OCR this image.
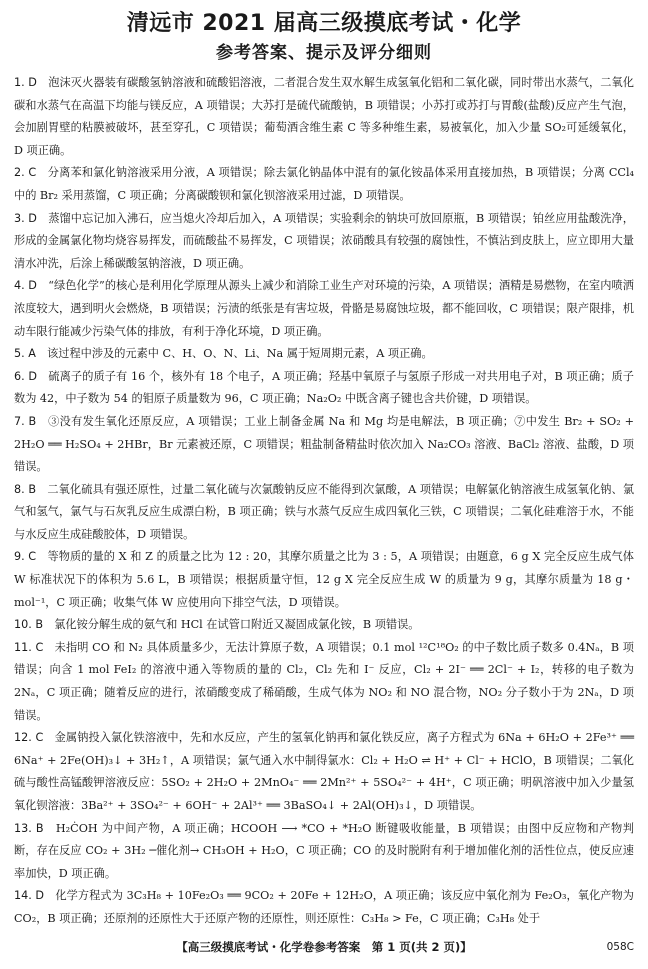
清远市 2021 届高三级摸底考试・化学
参考答案、提示及评分细则

1. D　 泡沫灭火器装有碳酸氢钠溶液和硫酸铝溶液，二者混合发生双水解生成氢氧化铝和二氧化碳，同时带出水蒸气，二氧化碳和水蒸气在高温下均能与镁反应，A 项错误；大苏打是硫代硫酸钠，B 项错误；小苏打或苏打与胃酸(盐酸)反应产生气泡，会加剧胃壁的粘膜被破坏，甚至穿孔，C 项错误；葡萄酒含维生素 C 等多种维生素，易被氧化，加入少量 SO₂可延缓氧化，D 项正确。

2. C　 分离苯和氯化钠溶液采用分液，A 项错误；除去氯化钠晶体中混有的氯化铵晶体采用直接加热，B 项错误；分离 CCl₄ 中的 Br₂ 采用蒸馏，C 项正确；分离碳酸钡和氯化钡溶液采用过滤，D 项错误。

3. D　 蒸馏中忘记加入沸石，应当熄火冷却后加入，A 项错误；实验剩余的钠块可放回原瓶，B 项错误；铂丝应用盐酸洗净，形成的金属氯化物均烧容易挥发，而硫酸盐不易挥发，C 项错误；浓硝酸具有较强的腐蚀性，不慎沾到皮肤上，应立即用大量清水冲洗，后涂上稀碳酸氢钠溶液，D 项正确。

4. D　 “绿色化学”的核心是利用化学原理从源头上减少和消除工业生产对环境的污染，A 项错误；酒精是易燃物，在室内喷洒浓度较大，遇到明火会燃烧，B 项错误；污渍的纸张是有害垃圾，骨骼是易腐蚀垃圾，都不能回收，C 项错误；限产限排，机动车限行能减少污染气体的排放，有利于净化环境，D 项正确。

5. A　 该过程中涉及的元素中 C、H、O、N、Li、Na 属于短周期元素，A 项正确。

6. D　 硫离子的质子有 16 个，核外有 18 个电子，A 项正确；羟基中氧原子与氢原子形成一对共用电子对，B 项正确；质子数为 42，中子数为 54 的钼原子质量数为 96，C 项正确；Na₂O₂ 中既含离子键也含共价键，D 项错误。

7. B　 ③没有发生氧化还原反应，A 项错误；工业上制备金属 Na 和 Mg 均是电解法，B 项正确；⑦中发生 Br₂ + SO₂ + 2H₂O ══ H₂SO₄ + 2HBr，Br 元素被还原，C 项错误；粗盐制备精盐时依次加入 Na₂CO₃ 溶液、BaCl₂ 溶液、盐酸，D 项错误。

8. B　 二氧化硫具有强还原性，过量二氧化硫与次氯酸钠反应不能得到次氯酸，A 项错误；电解氯化钠溶液生成氢氧化钠、氯气和氢气，氯气与石灰乳反应生成漂白粉，B 项正确；铁与水蒸气反应生成四氧化三铁，C 项错误；二氧化硅难溶于水，不能与水反应生成硅酸胶体，D 项错误。

9. C　 等物质的量的 X 和 Z 的质量之比为 12 : 20，其摩尔质量之比为 3 : 5，A 项错误；由题意，6 g X 完全反应生成气体 W 标准状况下的体积为 5.6 L，B 项错误；根据质量守恒，12 g X 完全反应生成 W 的质量为 9 g，其摩尔质量为 18 g・mol⁻¹，C 项正确；收集气体 W 应使用向下排空气法，D 项错误。

10. B　 氯化铵分解生成的氨气和 HCl 在试管口附近又凝固成氯化铵，B 项错误。

11. C　 未指明 CO 和 N₂ 具体质量多少，无法计算原子数，A 项错误；0.1 mol ¹²C¹⁸O₂ 的中子数比质子数多 0.4Nₐ，B 项错误；向含 1 mol FeI₂ 的溶液中通入等物质的量的 Cl₂，Cl₂ 先和 I⁻ 反应，Cl₂ + 2I⁻ ══ 2Cl⁻ + I₂，转移的电子数为 2Nₐ，C 项正确；随着反应的进行，浓硝酸变成了稀硝酸，生成气体为 NO₂ 和 NO 混合物，NO₂ 分子数小于为 2Nₐ，D 项错误。

12. C　 金属钠投入氯化铁溶液中，先和水反应，产生的氢氧化钠再和氯化铁反应，离子方程式为 6Na + 6H₂O + 2Fe³⁺ ══ 6Na⁺ + 2Fe(OH)₃↓ + 3H₂↑，A 项错误；氯气通入水中制得氯水：Cl₂ + H₂O ⇌ H⁺ + Cl⁻ + HClO，B 项错误；二氧化硫与酸性高锰酸钾溶液反应：5SO₂ + 2H₂O + 2MnO₄⁻ ══ 2Mn²⁺ + 5SO₄²⁻ + 4H⁺，C 项正确；明矾溶液中加入少量氢氧化钡溶液：3Ba²⁺ + 3SO₄²⁻ + 6OH⁻ + 2Al³⁺ ══ 3BaSO₄↓ + 2Al(OH)₃↓，D 项错误。

13. B　 H₂ĊOH 为中间产物，A 项正确；HCOOH ⟶ *CO + *H₂O 断键吸收能量，B 项错误；由图中反应物和产物判断，存在反应 CO₂ + 3H₂ ─催化剂→ CH₃OH + H₂O，C 项正确；CO 的及时脱附有利于增加催化剂的活性位点，使反应速率加快，D 项正确。

14. D　 化学方程式为 3C₃H₈ + 10Fe₂O₃ ══ 9CO₂ + 20Fe + 12H₂O，A 项正确；该反应中氧化剂为 Fe₂O₃，氧化产物为 CO₂，B 项正确；还原剂的还原性大于还原产物的还原性，则还原性：C₃H₈ > Fe，C 项正确；C₃H₈ 处于

【高三级摸底考试・化学卷参考答案　第 1 页(共 2 页)】	058C
